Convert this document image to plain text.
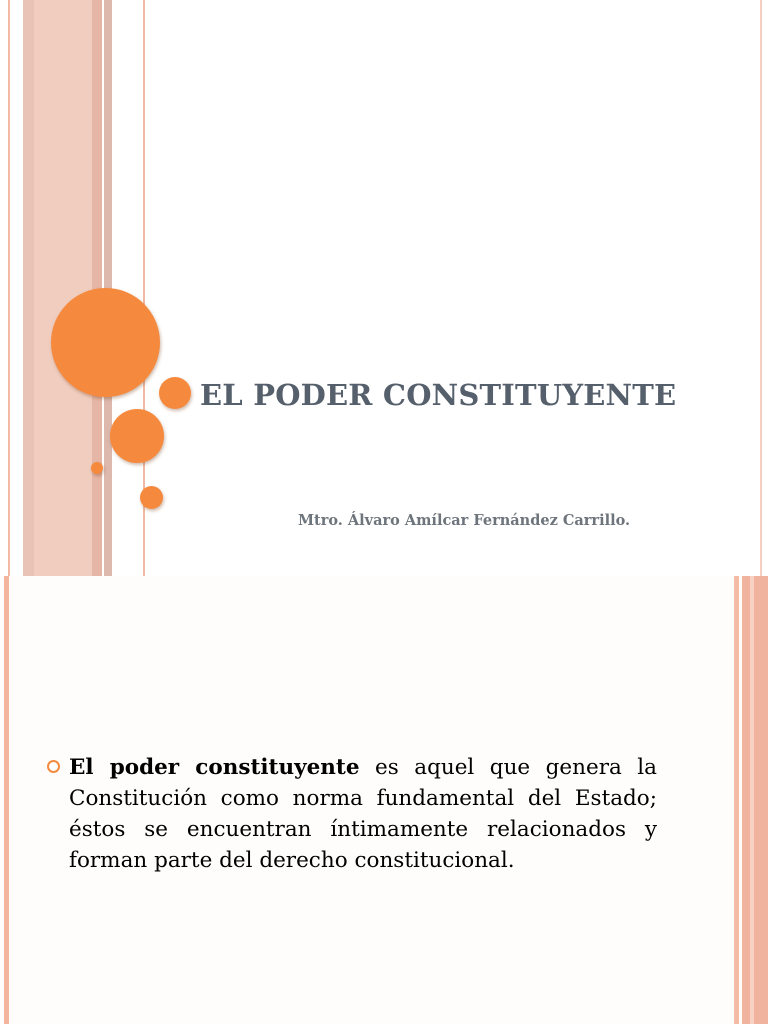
EL PODER CONSTITUYENTE
Mtro. Álvaro Amílcar Fernández Carrillo.
El poder constituyente es aquel que genera la Constitución como norma fundamental del Estado; éstos se encuentran íntimamente relacionados y forman parte del derecho constitucional.
